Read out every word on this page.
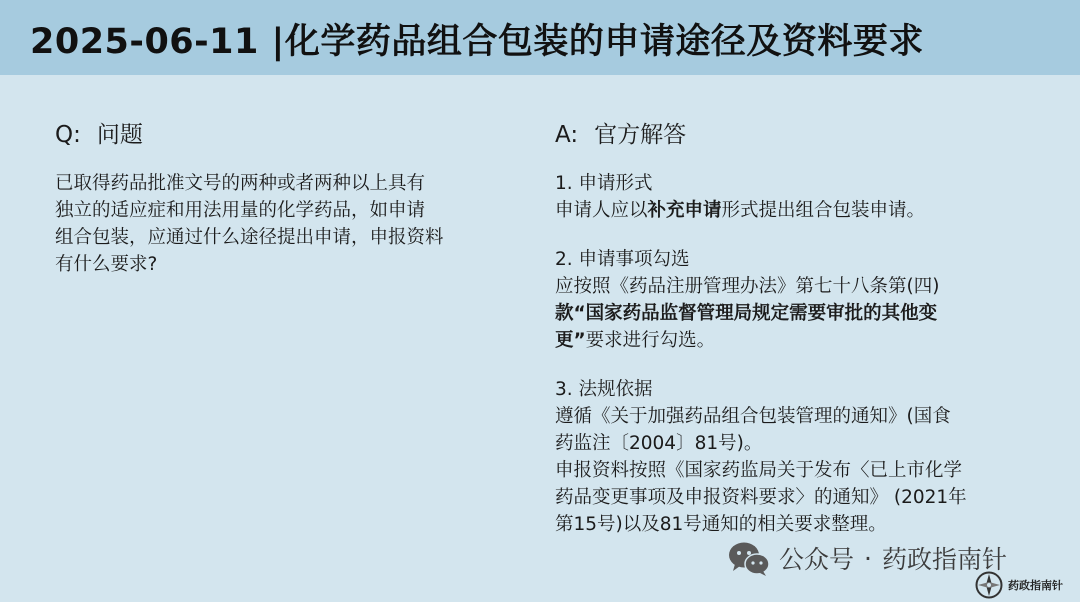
2025-06-11 |化学药品组合包装的申请途径及资料要求
Q: 问题
已取得药品批准文号的两种或者两种以上具有
独立的适应症和用法用量的化学药品，如申请
组合包装，应通过什么途径提出申请，申报资料
有什么要求?
A: 官方解答
1. 申请形式
申请人应以补充申请形式提出组合包装申请。
2. 申请事项勾选
应按照《药品注册管理办法》第七十八条第(四)
款“国家药品监督管理局规定需要审批的其他变
更”要求进行勾选。
3. 法规依据
遵循《关于加强药品组合包装管理的通知》(国食
药监注〔2004〕81号)。
申报资料按照《国家药监局关于发布〈已上市化学
药品变更事项及申报资料要求〉的通知》 (2021年
第15号)以及81号通知的相关要求整理。
公众号 · 药政指南针
药政指南针
